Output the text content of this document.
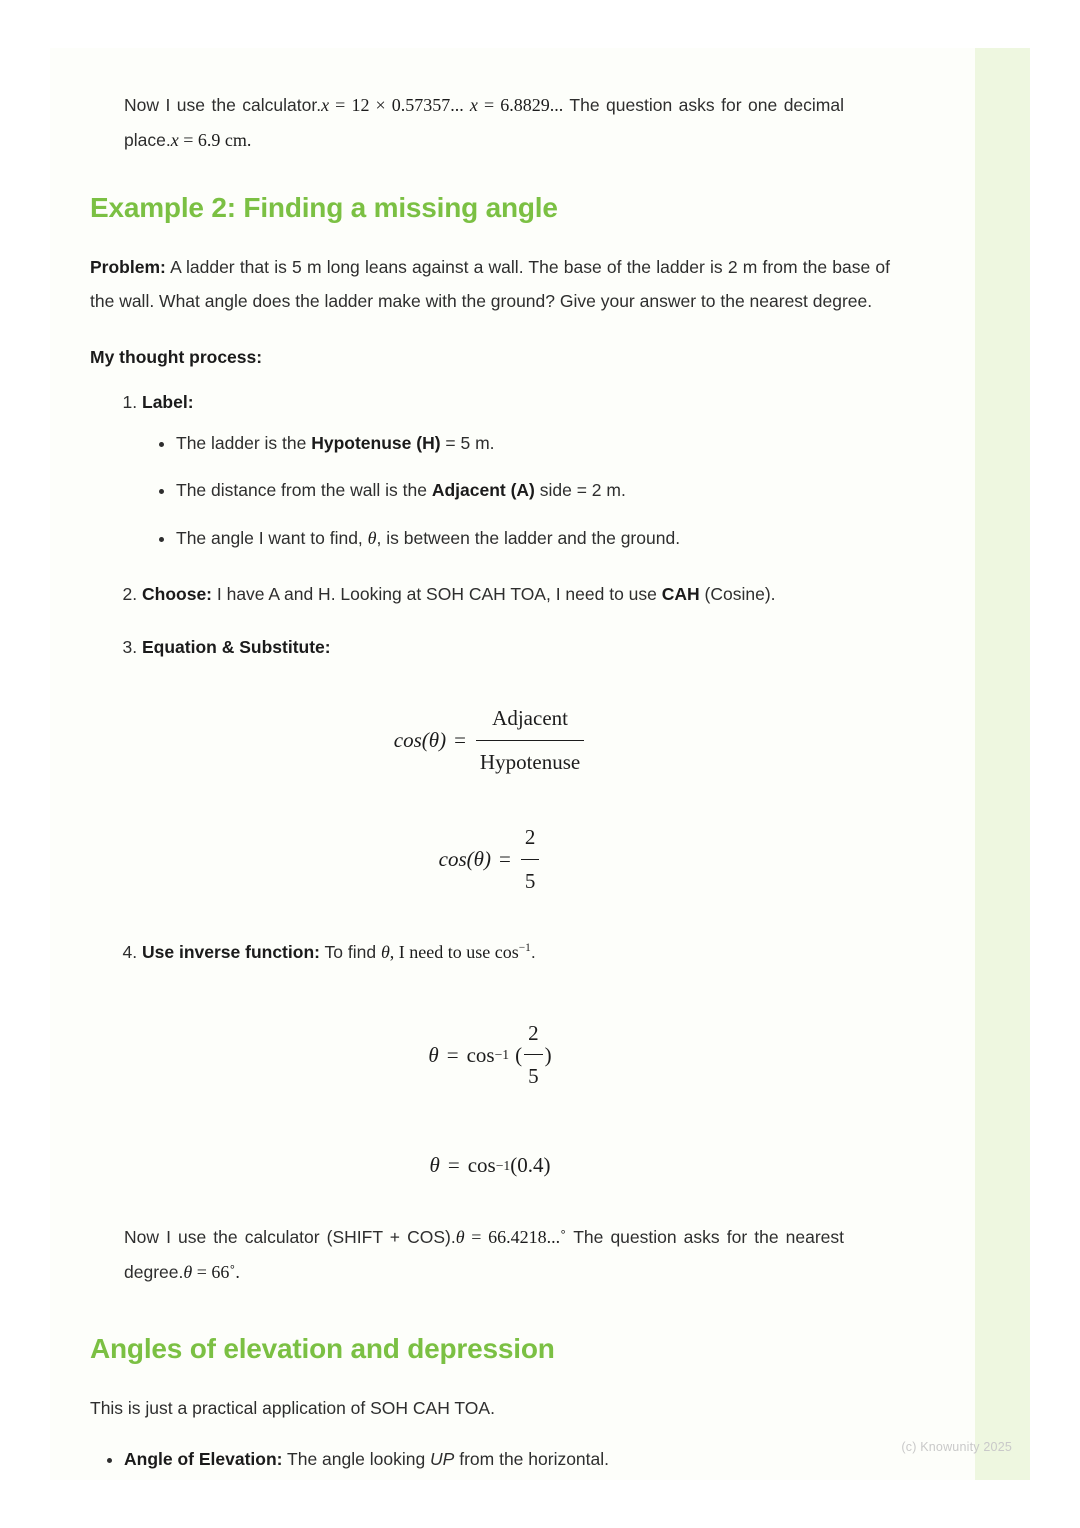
Now I use the calculator.x = 12 × 0.57357... x = 6.8829... The question asks for one decimal place.x = 6.9 cm.

Example 2: Finding a missing angle

Problem: A ladder that is 5 m long leans against a wall. The base of the ladder is 2 m from the base of the wall. What angle does the ladder make with the ground? Give your answer to the nearest degree.

My thought process:

1. Label:
• The ladder is the Hypotenuse (H) = 5 m.
• The distance from the wall is the Adjacent (A) side = 2 m.
• The angle I want to find, θ, is between the ladder and the ground.
2. Choose: I have A and H. Looking at SOH CAH TOA, I need to use CAH (Cosine).
3. Equation & Substitute:
$\cos(\theta) = \frac{\text{Adjacent}}{\text{Hypotenuse}}$
$\cos(\theta) = \frac{2}{5}$
4. Use inverse function: To find θ, I need to use $\cos^{-1}$.
θ = cos −1 ( $\frac{2}{5}$ )
θ = cos −1 (0.4)

Now I use the calculator (SHIFT + COS).θ = 66.4218...˚ The question asks for the nearest degree.θ = 66˚.

Angles of elevation and depression

This is just a practical application of SOH CAH TOA.

• Angle of Elevation: The angle looking UP from the horizontal.
(c) Knowunity 2025
